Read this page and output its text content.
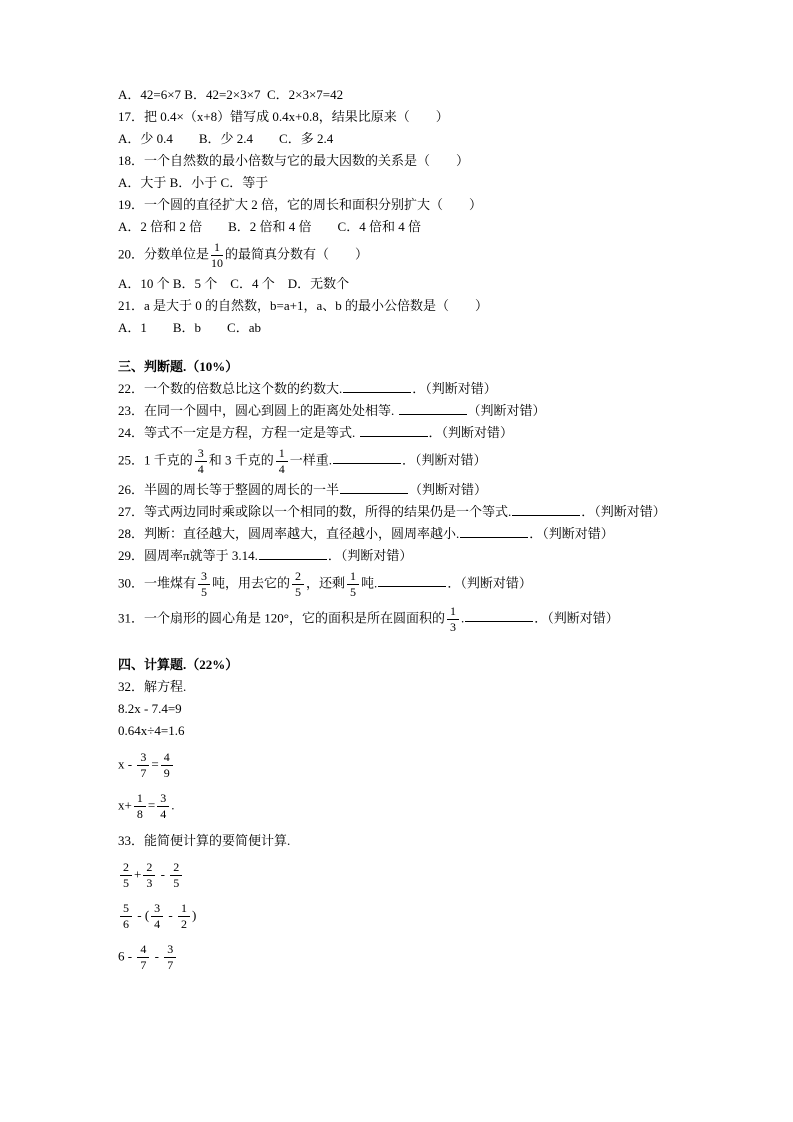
A．42=6×7 B．42=2×3×7  C．2×3×7=42
17．把 0.4×（x+8）错写成 0.4x+0.8，结果比原来（　　）
A．少 0.4　　B．少 2.4　　C．多 2.4
18．一个自然数的最小倍数与它的最大因数的关系是（　　）
A．大于 B．小于 C．等于
19．一个圆的直径扩大 2 倍，它的周长和面积分别扩大（　　）
A．2 倍和 2 倍　　B．2 倍和 4 倍　　C．4 倍和 4 倍
20．分数单位是 $\frac{1}{10}$ 的最简真分数有（　　）
A．10 个 B．5 个　C．4 个　D．无数个
21．a 是大于 0 的自然数，b=a+1，a、b 的最小公倍数是（　　）
A．1　　B．b　　C．ab
三、判断题.（10%）
22．一个数的倍数总比这个数的约数大.	．（判断对错）
23．在同一个圆中，圆心到圆上的距离处处相等.	（判断对错）
24．等式不一定是方程，方程一定是等式.	．（判断对错）
25．1 千克的 $\frac{3}{4}$ 和 3 千克的 $\frac{1}{4}$ 一样重.	．（判断对错）
26．半圆的周长等于整圆的周长的一半	（判断对错）
27．等式两边同时乘或除以一个相同的数，所得的结果仍是一个等式.	．（判断对错）
28．判断：直径越大，圆周率越大，直径越小，圆周率越小.	．（判断对错）
29．圆周率π就等于 3.14.	．（判断对错）
30．一堆煤有 $\frac{3}{5}$ 吨，用去它的 $\frac{2}{5}$ ，还剩 $\frac{1}{5}$ 吨.	．（判断对错）
31．一个扇形的圆心角是 120°，它的面积是所在圆面积的 $\frac{1}{3}$ .	．（判断对错）
四、计算题.（22%）
32．解方程.
8.2x - 7.4=9
0.64x÷4=1.6
$x - \frac{3}{7} = \frac{4}{9}$
$x+ \frac{1}{8} = \frac{3}{4}$ .
33．能简便计算的要简便计算.
$\frac{2}{5} + \frac{2}{3} - \frac{2}{5}$
$\frac{5}{6}$ - ( $\frac{3}{4} - \frac{1}{2}$ )
$6 - \frac{4}{7} - \frac{3}{7}$
